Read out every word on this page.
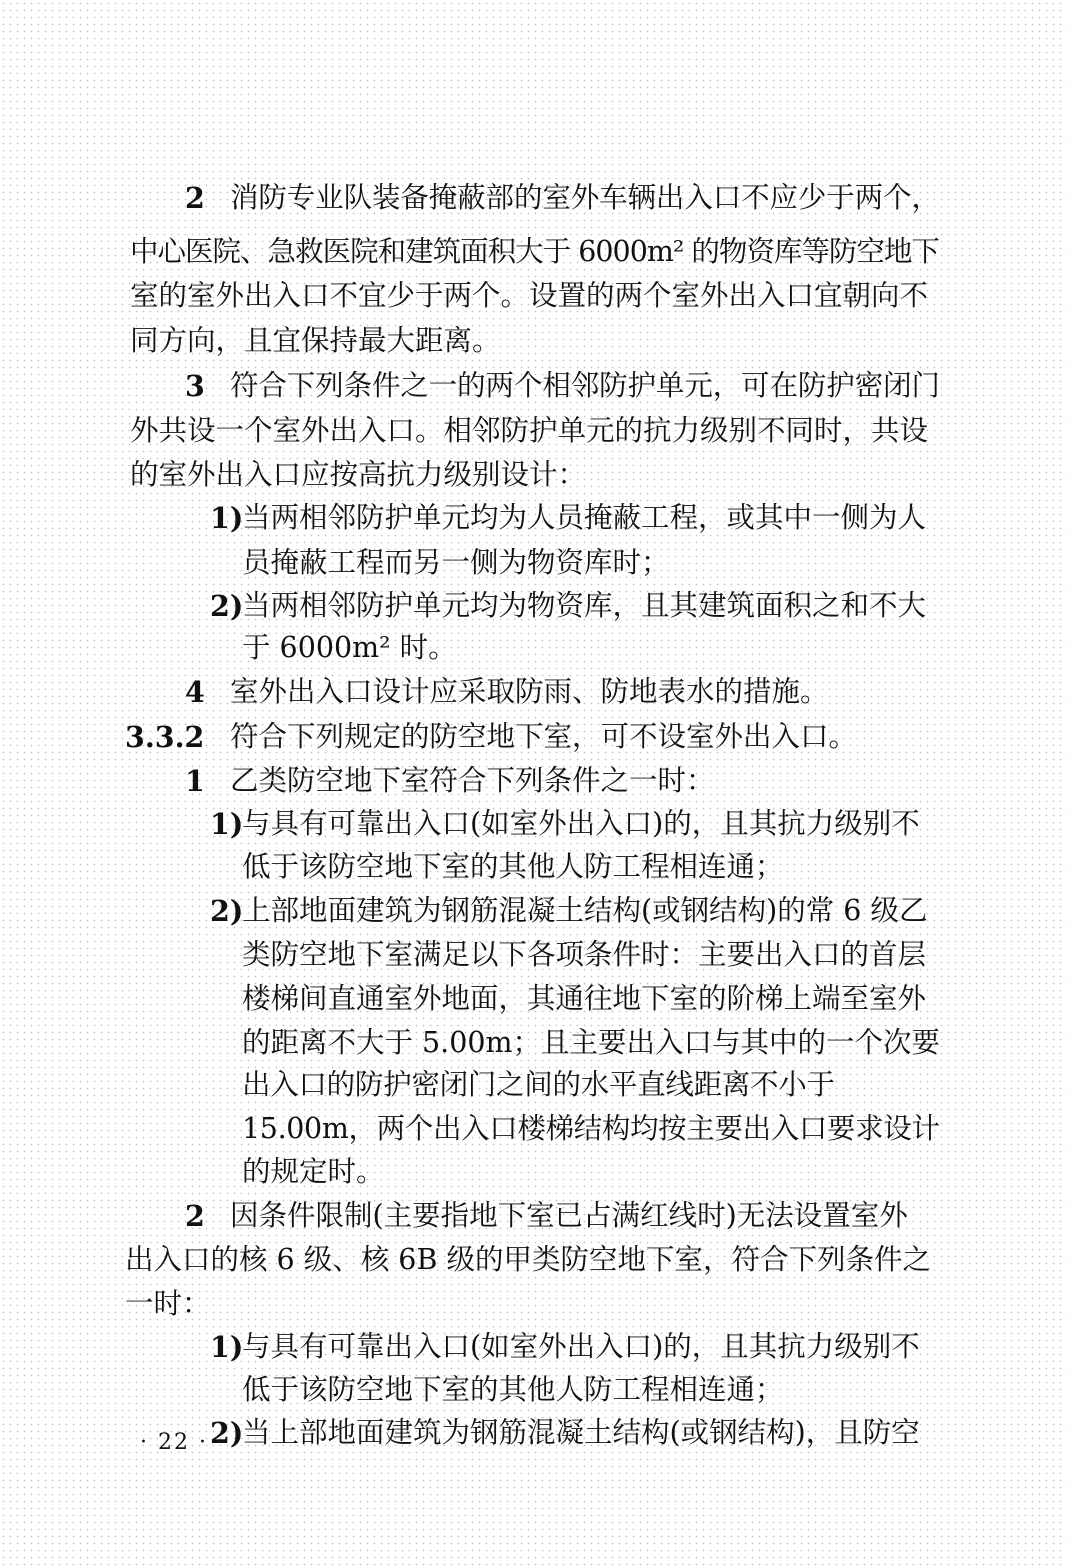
2 消防专业队装备掩蔽部的室外车辆出入口不应少于两个，
中心医院、急救医院和建筑面积大于 6000m² 的物资库等防空地下
室的室外出入口不宜少于两个。设置的两个室外出入口宜朝向不
同方向，且宜保持最大距离。
3 符合下列条件之一的两个相邻防护单元，可在防护密闭门
外共设一个室外出入口。相邻防护单元的抗力级别不同时，共设
的室外出入口应按高抗力级别设计：
1)
当两相邻防护单元均为人员掩蔽工程，或其中一侧为人
员掩蔽工程而另一侧为物资库时；
2)
当两相邻防护单元均为物资库，且其建筑面积之和不大
于 6000m² 时。
4 室外出入口设计应采取防雨、防地表水的措施。
3.3.2 符合下列规定的防空地下室，可不设室外出入口。
1 乙类防空地下室符合下列条件之一时：
1)
与具有可靠出入口(如室外出入口)的，且其抗力级别不
低于该防空地下室的其他人防工程相连通；
2)
上部地面建筑为钢筋混凝土结构(或钢结构)的常 6 级乙
类防空地下室满足以下各项条件时：主要出入口的首层
楼梯间直通室外地面，其通往地下室的阶梯上端至室外
的距离不大于 5.00m；且主要出入口与其中的一个次要
出入口的防护密闭门之间的水平直线距离不小于
15.00m，两个出入口楼梯结构均按主要出入口要求设计
的规定时。
2 因条件限制(主要指地下室已占满红线时)无法设置室外
出入口的核 6 级、核 6B 级的甲类防空地下室，符合下列条件之
一时：
1)
与具有可靠出入口(如室外出入口)的，且其抗力级别不
低于该防空地下室的其他人防工程相连通；
2)
当上部地面建筑为钢筋混凝土结构(或钢结构)，且防空
· 22 ·
